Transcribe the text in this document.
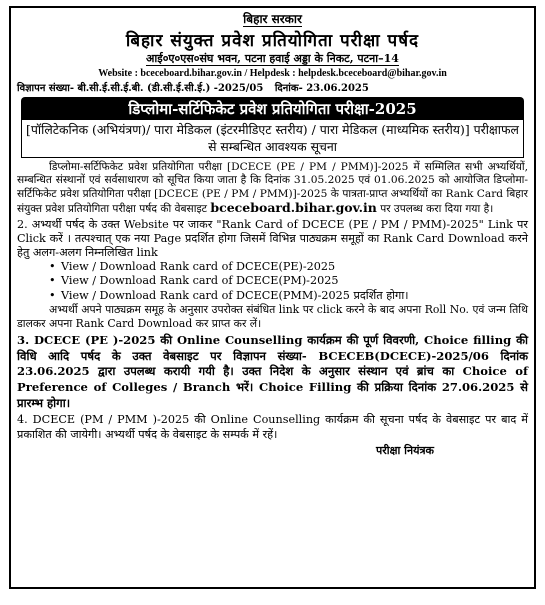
बिहार सरकार
बिहार संयुक्त प्रवेश प्रतियोगिता परीक्षा पर्षद
आई०ए०एस०संघ भवन, पटना हवाई अड्डा के निकट, पटना–14
Website : bceceboard.bihar.gov.in / Helpdesk : helpdesk.bceceboard@bihar.gov.in
विज्ञापन संख्या- बी.सी.ई.सी.ई.बी. (डी.सी.ई.सी.ई.) -2025/05 दिनांक- 23.06.2025
डिप्लोमा-सर्टिफिकेट प्रवेश प्रतियोगिता परीक्षा-2025
[पॉलिटेकनिक (अभियंत्रण)/ पारा मेडिकल (इंटरमीडिएट स्तरीय) / पारा मेडिकल (माध्यमिक स्तरीय)] परीक्षाफल से सम्बन्धित आवश्यक सूचना

डिप्लोमा-सर्टिफिकेट प्रवेश प्रतियोगिता परीक्षा [DCECE (PE / PM / PMM)]-2025 में सम्मिलित सभी अभ्यर्थियों, सम्बन्धित संस्थानों एवं सर्वसाधारण को सूचित किया जाता है कि दिनांक 31.05.2025 एवं 01.06.2025 को आयोजित डिप्लोमा-सर्टिफिकेट प्रवेश प्रतियोगिता परीक्षा [DCECE (PE / PM / PMM)]-2025 के पात्रता-प्राप्त अभ्यर्थियों का Rank Card बिहार संयुक्त प्रवेश प्रतियोगिता परीक्षा पर्षद की वेबसाइट bceceboard.bihar.gov.in पर उपलब्ध करा दिया गया है।

2. अभ्यर्थी पर्षद के उक्त Website पर जाकर "Rank Card of DCECE (PE / PM / PMM)-2025" Link पर Click करें । तत्पश्चात् एक नया Page प्रदर्शित होगा जिसमें विभिन्न पाठ्यक्रम समूहों का Rank Card Download करने हेतु अलग-अलग निम्नलिखित link

• View / Download Rank card of DCECE(PE)-2025
• View / Download Rank card of DCECE(PM)-2025
• View / Download Rank card of DCECE(PMM)-2025 प्रदर्शित होगा।

अभ्यर्थी अपने पाठ्यक्रम समूह के अनुसार उपरोक्त संबंधित link पर click करने के बाद अपना Roll No. एवं जन्म तिथि डालकर अपना Rank Card Download कर प्राप्त कर लें।

3. DCECE (PE )-2025 की Online Counselling कार्यक्रम की पूर्ण विवरणी, Choice filling की विधि आदि पर्षद के उक्त वेबसाइट पर विज्ञापन संख्या- BCECEB(DCECE)-2025/06 दिनांक 23.06.2025 द्वारा उपलब्ध करायी गयी है। उक्त निदेश के अनुसार संस्थान एवं ब्रांच का Choice of Preference of Colleges / Branch भरें। Choice Filling की प्रक्रिया दिनांक 27.06.2025 से प्रारम्भ होगा।

4. DCECE (PM / PMM )-2025 की Online Counselling कार्यक्रम की सूचना पर्षद के वेबसाइट पर बाद में प्रकाशित की जायेगी। अभ्यर्थी पर्षद के वेबसाइट के सम्पर्क में रहें।

परीक्षा नियंत्रक
